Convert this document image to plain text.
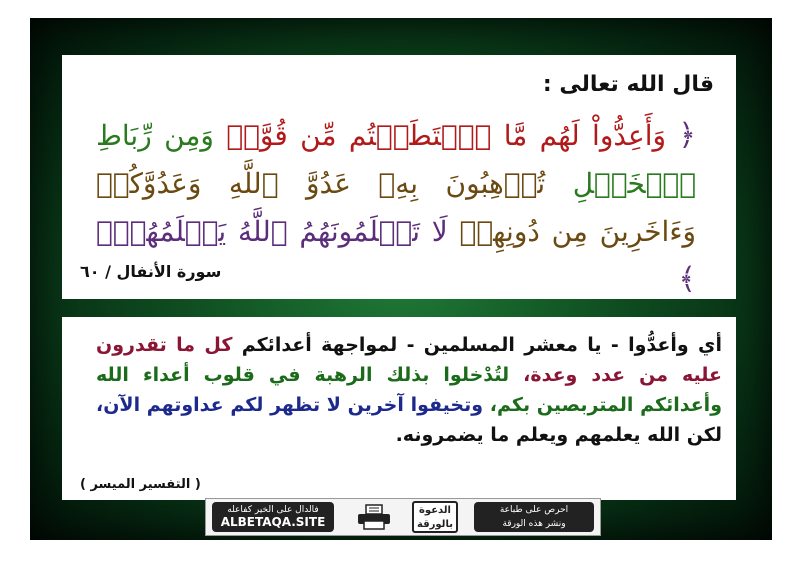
قال الله تعالى :
﴿ وَأَعِدُّواْ لَهُم مَّا ٱسۡتَطَعۡتُم مِّن قُوَّةٖ وَمِن رِّبَاطِ ٱلۡخَيۡلِ تُرۡهِبُونَ بِهِۦ عَدُوَّ ٱللَّهِ وَعَدُوَّكُمۡ وَءَاخَرِينَ مِن دُونِهِمۡ لَا تَعۡلَمُونَهُمُ ٱللَّهُ يَعۡلَمُهُمۡۚ ﴾
سورة الأنفال / ٦٠
أي وأعدُّوا - يا معشر المسلمين - لمواجهة أعدائكم كل ما تقدرون عليه من عدد وعدة، لتُدْخلوا بذلك الرهبة في قلوب أعداء الله وأعدائكم المتربصين بكم، وتخيفوا آخرين لا تظهر لكم عداوتهم الآن، لكن الله يعلمهم ويعلم ما يضمرونه.
( التفسير الميسر )
فالدال على الخير كفاعله
ALBETAQA.SITE
الدعوة بالورقة
احرص على طباعة
ونشر هذه الورقة
